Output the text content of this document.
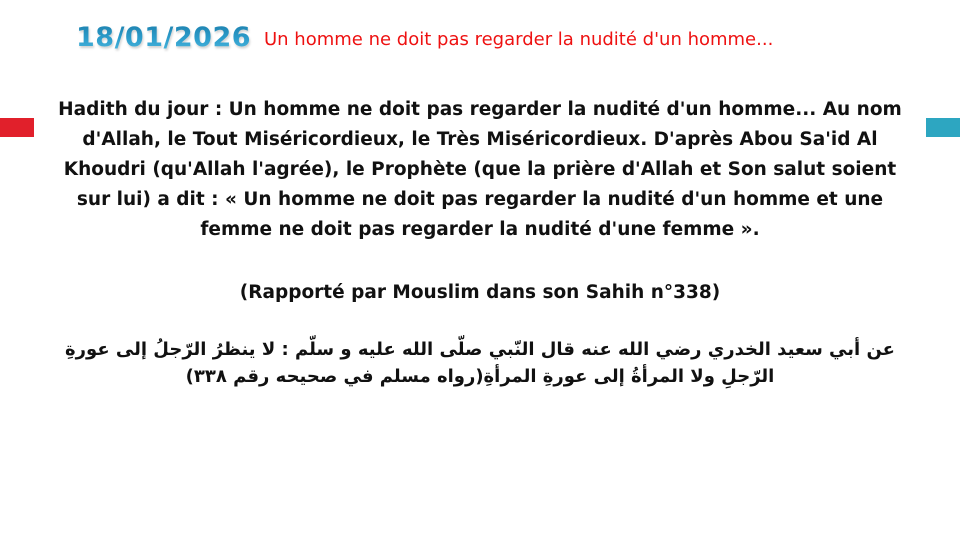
18/01/2026 Un homme ne doit pas regarder la nudité d'un homme...

Hadith du jour : Un homme ne doit pas regarder la nudité d'un homme... Au nom d'Allah, le Tout Miséricordieux, le Très Miséricordieux. D'après Abou Sa'id Al Khoudri (qu'Allah l'agrée), le Prophète (que la prière d'Allah et Son salut soient sur lui) a dit : « Un homme ne doit pas regarder la nudité d'un homme et une femme ne doit pas regarder la nudité d'une femme ».

(Rapporté par Mouslim dans son Sahih n°338)
عن أبي سعيد الخدري رضي الله عنه قال النّبي صلّى الله عليه و سلّم : لا ينظرُ الرّجلُ إلى عورةِ الرّجلِ ولا المرأةُ إلى عورةِ المرأةِ(رواه مسلم في صحيحه رقم ٣٣٨)
